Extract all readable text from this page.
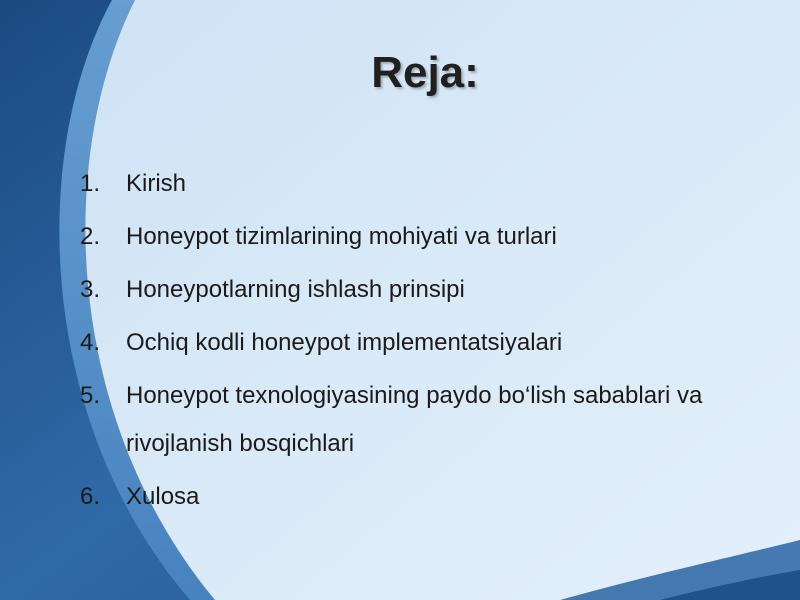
Reja:
1.	Kirish
2.	Honeypot tizimlarining mohiyati va turlari
3.	Honeypotlarning ishlash prinsipi
4.	Ochiq kodli honeypot implementatsiyalari
5.	Honeypot texnologiyasining paydo bo‘lish sabablari va rivojlanish bosqichlari
6.	Xulosa
